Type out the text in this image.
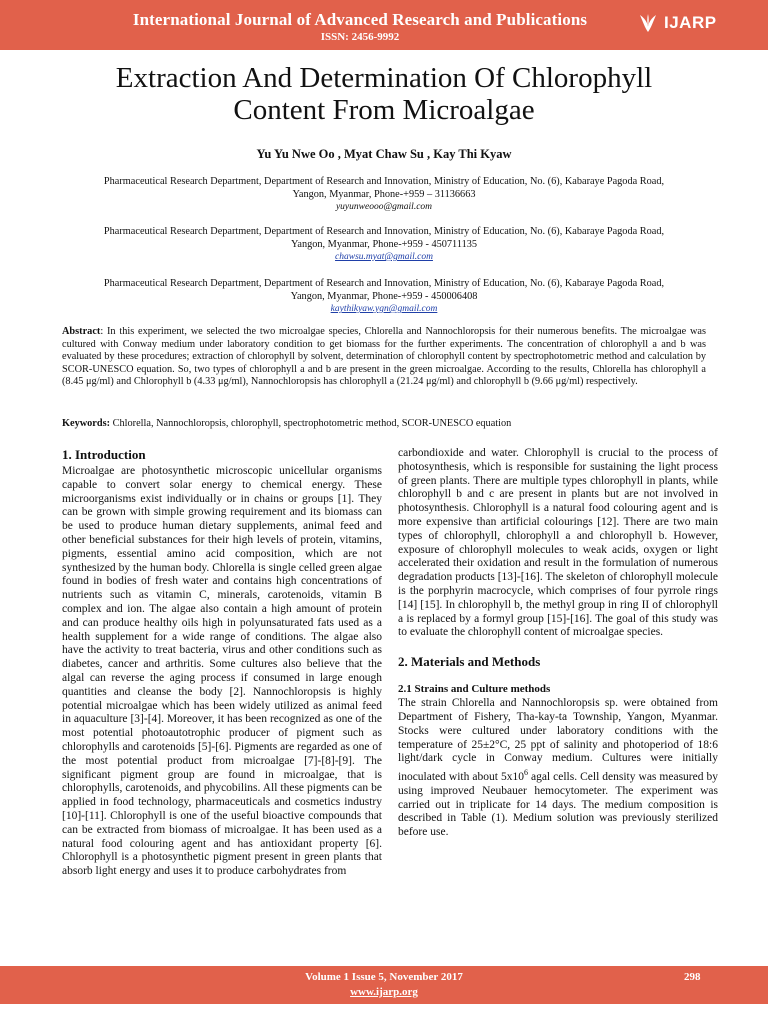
International Journal of Advanced Research and Publications
ISSN: 2456-9992
IJARP
Extraction And Determination Of Chlorophyll
Content From Microalgae
Yu Yu Nwe Oo , Myat Chaw Su , Kay Thi Kyaw
Pharmaceutical Research Department, Department of Research and Innovation, Ministry of Education, No. (6), Kabaraye Pagoda Road,
Yangon, Myanmar, Phone-+959 – 31136663
yuyunweooo@gmail.com
Pharmaceutical Research Department, Department of Research and Innovation, Ministry of Education, No. (6), Kabaraye Pagoda Road,
Yangon, Myanmar, Phone-+959 - 450711135
chawsu.myat@gmail.com
Pharmaceutical Research Department, Department of Research and Innovation, Ministry of Education, No. (6), Kabaraye Pagoda Road,
Yangon, Myanmar, Phone-+959 - 450006408
kaythikyaw.ygn@gmail.com
Abstract: In this experiment, we selected the two microalgae species, Chlorella and Nannochloropsis for their numerous benefits. The microalgae was cultured with Conway medium under laboratory condition to get biomass for the further experiments. The concentration of chlorophyll a and b was evaluated by these procedures; extraction of chlorophyll by solvent, determination of chlorophyll content by spectrophotometric method and calculation by SCOR-UNESCO equation. So, two types of chlorophyll a and b are present in the green microalgae. According to the results, Chlorella has chlorophyll a (8.45 μg/ml) and Chlorophyll b (4.33 μg/ml), Nannochloropsis has chlorophyll a (21.24 μg/ml) and chlorophyll b (9.66 μg/ml) respectively.
Keywords: Chlorella, Nannochloropsis, chlorophyll, spectrophotometric method, SCOR-UNESCO equation
1. Introduction

Microalgae are photosynthetic microscopic unicellular organisms capable to convert solar energy to chemical energy. These microorganisms exist individually or in chains or groups [1]. They can be grown with simple growing requirement and its biomass can be used to produce human dietary supplements, animal feed and other beneficial substances for their high levels of protein, vitamins, pigments, essential amino acid composition, which are not synthesized by the human body. Chlorella is single celled green algae found in bodies of fresh water and contains high concentrations of nutrients such as vitamin C, minerals, carotenoids, vitamin B complex and ion. The algae also contain a high amount of protein and can produce healthy oils high in polyunsaturated fats used as a health supplement for a wide range of conditions. The algae also have the activity to treat bacteria, virus and other conditions such as diabetes, cancer and arthritis. Some cultures also believe that the algal can reverse the aging process if consumed in large enough quantities and cleanse the body [2]. Nannochloropsis is highly potential microalgae which has been widely utilized as animal feed in aquaculture [3]-[4]. Moreover, it has been recognized as one of the most potential photoautotrophic producer of pigment such as chlorophylls and carotenoids [5]-[6]. Pigments are regarded as one of the most potential product from microalgae [7]-[8]-[9]. The significant pigment group are found in microalgae, that is chlorophylls, carotenoids, and phycobilins. All these pigments can be applied in food technology, pharmaceuticals and cosmetics industry [10]-[11]. Chlorophyll is one of the useful bioactive compounds that can be extracted from biomass of microalgae. It has been used as a natural food colouring agent and has antioxidant property [6]. Chlorophyll is a photosynthetic pigment present in green plants that absorb light energy and uses it to produce carbohydrates from

carbondioxide and water. Chlorophyll is crucial to the process of photosynthesis, which is responsible for sustaining the light process of green plants. There are multiple types chlorophyll in plants, while chlorophyll b and c are present in plants but are not involved in photosynthesis. Chlorophyll is a natural food colouring agent and is more expensive than artificial colourings [12]. There are two main types of chlorophyll, chlorophyll a and chlorophyll b. However, exposure of chlorophyll molecules to weak acids, oxygen or light accelerated their oxidation and result in the formulation of numerous degradation products [13]-[16]. The skeleton of chlorophyll molecule is the porphyrin macrocycle, which comprises of four pyrrole rings [14] [15]. In chlorophyll b, the methyl group in ring II of chlorophyll a is replaced by a formyl group [15]-[16]. The goal of this study was to evaluate the chlorophyll content of microalgae species.

2. Materials and Methods
2.1 Strains and Culture methods

The strain Chlorella and Nannochloropsis sp. were obtained from Department of Fishery, Tha-kay-ta Township, Yangon, Myanmar. Stocks were cultured under laboratory conditions with the temperature of 25±2°C, 25 ppt of salinity and photoperiod of 18:6 light/dark cycle in Conway medium. Cultures were initially inoculated with about $5x10^6$ agal cells. Cell density was measured by using improved Neubauer hemocytometer. The experiment was carried out in triplicate for 14 days. The medium composition is described in Table (1). Medium solution was previously sterilized before use.

Volume 1 Issue 5, November 2017	298
www.ijarp.org
